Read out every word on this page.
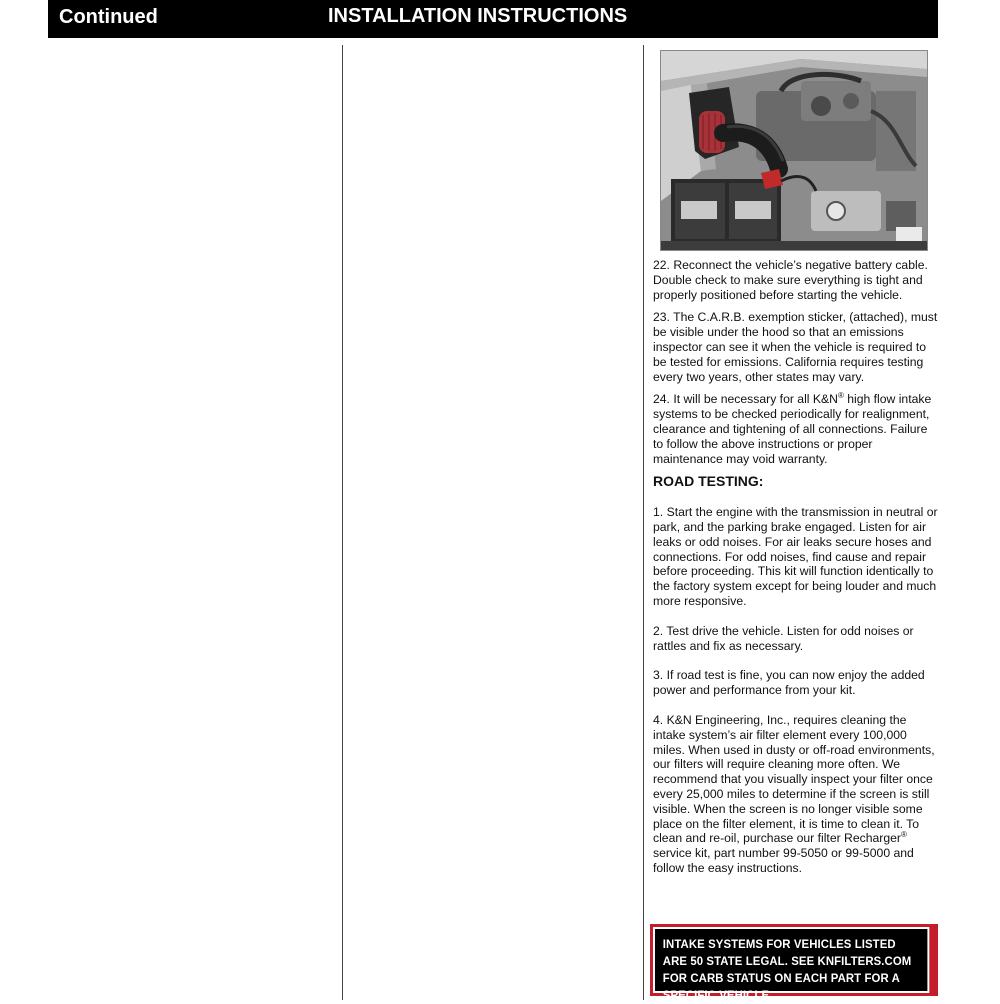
Continued	INSTALLATION INSTRUCTIONS
22. Reconnect the vehicle’s negative battery cable. Double check to make sure everything is tight and properly positioned before starting the vehicle.
23. The C.A.R.B. exemption sticker, (attached), must be visible under the hood so that an emissions inspector can see it when the vehicle is required to be tested for emissions. California requires testing every two years, other states may vary.
24. It will be necessary for all K&N® high flow intake systems to be checked periodically for realignment, clearance and tightening of all connections. Failure to follow the above instructions or proper maintenance may void warranty.
ROAD TESTING:
1. Start the engine with the transmission in neutral or park, and the parking brake engaged. Listen for air leaks or odd noises. For air leaks secure hoses and connections. For odd noises, find cause and repair before proceeding. This kit will function identically to the factory system except for being louder and much more responsive.
2. Test drive the vehicle. Listen for odd noises or rattles and fix as necessary.
3. If road test is fine, you can now enjoy the added power and performance from your kit.
4. K&N Engineering, Inc., requires cleaning the intake system’s air filter element every 100,000 miles. When used in dusty or off-road environments, our filters will require cleaning more often. We recommend that you visually inspect your filter once every 25,000 miles to determine if the screen is still visible. When the screen is no longer visible some place on the filter element, it is time to clean it. To clean and re-oil, purchase our filter Recharger® service kit, part number 99-5050 or 99-5000 and follow the easy instructions.
INTAKE SYSTEMS FOR VEHICLES LISTED ARE 50 STATE LEGAL. SEE KNFILTERS.COM FOR CARB STATUS ON EACH PART FOR A SPECIFIC VEHICLE.
